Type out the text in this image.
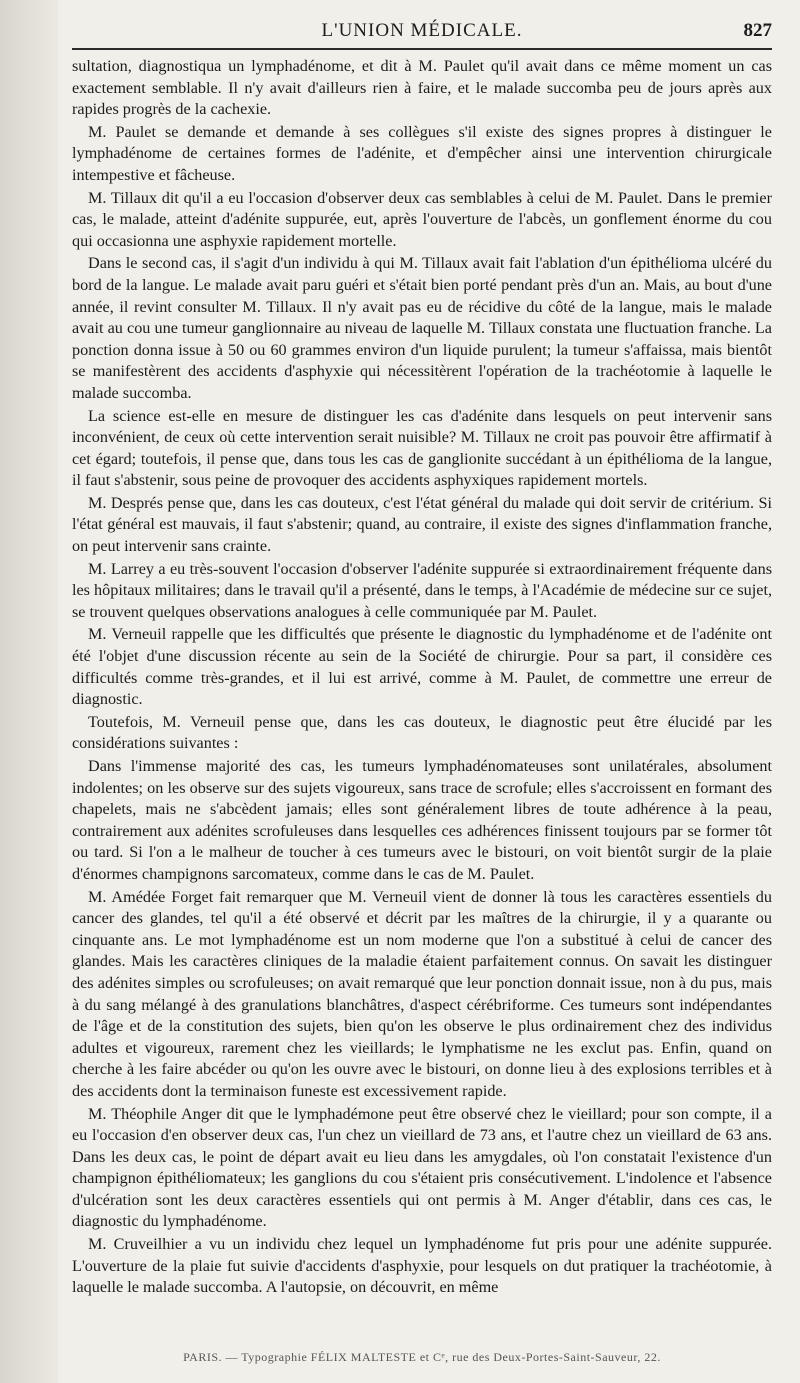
L'UNION MÉDICALE.	827

sultation, diagnostiqua un lymphadénome, et dit à M. Paulet qu'il avait dans ce même moment un cas exactement semblable. Il n'y avait d'ailleurs rien à faire, et le malade succomba peu de jours après aux rapides progrès de la cachexie.

M. Paulet se demande et demande à ses collègues s'il existe des signes propres à distinguer le lymphadénome de certaines formes de l'adénite, et d'empêcher ainsi une intervention chirurgicale intempestive et fâcheuse.

M. Tillaux dit qu'il a eu l'occasion d'observer deux cas semblables à celui de M. Paulet. Dans le premier cas, le malade, atteint d'adénite suppurée, eut, après l'ouverture de l'abcès, un gonflement énorme du cou qui occasionna une asphyxie rapidement mortelle.

Dans le second cas, il s'agit d'un individu à qui M. Tillaux avait fait l'ablation d'un épithélioma ulcéré du bord de la langue. Le malade avait paru guéri et s'était bien porté pendant près d'un an. Mais, au bout d'une année, il revint consulter M. Tillaux. Il n'y avait pas eu de récidive du côté de la langue, mais le malade avait au cou une tumeur ganglionnaire au niveau de laquelle M. Tillaux constata une fluctuation franche. La ponction donna issue à 50 ou 60 grammes environ d'un liquide purulent; la tumeur s'affaissa, mais bientôt se manifestèrent des accidents d'asphyxie qui nécessitèrent l'opération de la trachéotomie à laquelle le malade succomba.

La science est-elle en mesure de distinguer les cas d'adénite dans lesquels on peut intervenir sans inconvénient, de ceux où cette intervention serait nuisible? M. Tillaux ne croit pas pouvoir être affirmatif à cet égard; toutefois, il pense que, dans tous les cas de ganglionite succédant à un épithélioma de la langue, il faut s'abstenir, sous peine de provoquer des accidents asphyxiques rapidement mortels.

M. Després pense que, dans les cas douteux, c'est l'état général du malade qui doit servir de critérium. Si l'état général est mauvais, il faut s'abstenir; quand, au contraire, il existe des signes d'inflammation franche, on peut intervenir sans crainte.

M. Larrey a eu très-souvent l'occasion d'observer l'adénite suppurée si extraordinairement fréquente dans les hôpitaux militaires; dans le travail qu'il a présenté, dans le temps, à l'Académie de médecine sur ce sujet, se trouvent quelques observations analogues à celle communiquée par M. Paulet.

M. Verneuil rappelle que les difficultés que présente le diagnostic du lymphadénome et de l'adénite ont été l'objet d'une discussion récente au sein de la Société de chirurgie. Pour sa part, il considère ces difficultés comme très-grandes, et il lui est arrivé, comme à M. Paulet, de commettre une erreur de diagnostic.

Toutefois, M. Verneuil pense que, dans les cas douteux, le diagnostic peut être élucidé par les considérations suivantes :

Dans l'immense majorité des cas, les tumeurs lymphadénomateuses sont unilatérales, absolument indolentes; on les observe sur des sujets vigoureux, sans trace de scrofule; elles s'accroissent en formant des chapelets, mais ne s'abcèdent jamais; elles sont généralement libres de toute adhérence à la peau, contrairement aux adénites scrofuleuses dans lesquelles ces adhérences finissent toujours par se former tôt ou tard. Si l'on a le malheur de toucher à ces tumeurs avec le bistouri, on voit bientôt surgir de la plaie d'énormes champignons sarcomateux, comme dans le cas de M. Paulet.

M. Amédée Forget fait remarquer que M. Verneuil vient de donner là tous les caractères essentiels du cancer des glandes, tel qu'il a été observé et décrit par les maîtres de la chirurgie, il y a quarante ou cinquante ans. Le mot lymphadénome est un nom moderne que l'on a substitué à celui de cancer des glandes. Mais les caractères cliniques de la maladie étaient parfaitement connus. On savait les distinguer des adénites simples ou scrofuleuses; on avait remarqué que leur ponction donnait issue, non à du pus, mais à du sang mélangé à des granulations blanchâtres, d'aspect cérébriforme. Ces tumeurs sont indépendantes de l'âge et de la constitution des sujets, bien qu'on les observe le plus ordinairement chez des individus adultes et vigoureux, rarement chez les vieillards; le lymphatisme ne les exclut pas. Enfin, quand on cherche à les faire abcéder ou qu'on les ouvre avec le bistouri, on donne lieu à des explosions terribles et à des accidents dont la terminaison funeste est excessivement rapide.

M. Théophile Anger dit que le lymphadémone peut être observé chez le vieillard; pour son compte, il a eu l'occasion d'en observer deux cas, l'un chez un vieillard de 73 ans, et l'autre chez un vieillard de 63 ans. Dans les deux cas, le point de départ avait eu lieu dans les amygdales, où l'on constatait l'existence d'un champignon épithéliomateux; les ganglions du cou s'étaient pris consécutivement. L'indolence et l'absence d'ulcération sont les deux caractères essentiels qui ont permis à M. Anger d'établir, dans ces cas, le diagnostic du lymphadénome.

M. Cruveilhier a vu un individu chez lequel un lymphadénome fut pris pour une adénite suppurée. L'ouverture de la plaie fut suivie d'accidents d'asphyxie, pour lesquels on dut pratiquer la trachéotomie, à laquelle le malade succomba. A l'autopsie, on découvrit, en même

PARIS. — Typographie FÉLIX MALTESTE et Cᵉ, rue des Deux-Portes-Saint-Sauveur, 22.
